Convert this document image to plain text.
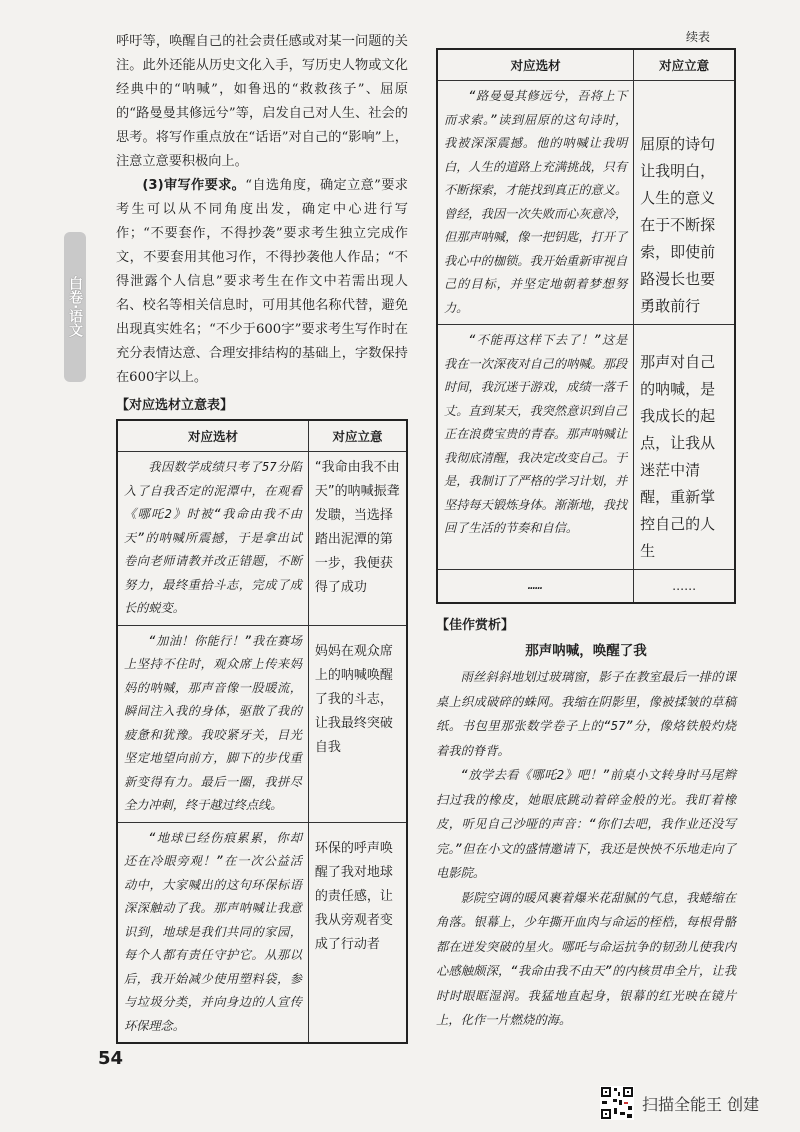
白卷·语文

呼吁等，唤醒自己的社会责任感或对某一问题的关注。此外还能从历史文化入手，写历史人物或文化经典中的“呐喊”，如鲁迅的“救救孩子”、屈原的“路曼曼其修远兮”等，启发自己对人生、社会的思考。将写作重点放在“话语”对自己的“影响”上，注意立意要积极向上。

(3)审写作要求。“自选角度，确定立意”要求考生可以从不同角度出发，确定中心进行写作；“不要套作，不得抄袭”要求考生独立完成作文，不要套用其他习作，不得抄袭他人作品；“不得泄露个人信息”要求考生在作文中若需出现人名、校名等相关信息时，可用其他名称代替，避免出现真实姓名；“不少于600字”要求考生写作时在充分表情达意、合理安排结构的基础上，字数保持在600字以上。

【对应选材立意表】
对应选材	对应立意

我因数学成绩只考了57分陷入了自我否定的泥潭中，在观看《哪吒2》时被“我命由我不由天”的呐喊所震撼，于是拿出试卷向老师请教并改正错题，不断努力，最终重拾斗志，完成了成长的蜕变。	“我命由我不由天”的呐喊振聋发聩，当选择踏出泥潭的第一步，我便获得了成功

“加油！你能行！”我在赛场上坚持不住时，观众席上传来妈妈的呐喊，那声音像一股暖流，瞬间注入我的身体，驱散了我的疲惫和犹豫。我咬紧牙关，目光坚定地望向前方，脚下的步伐重新变得有力。最后一圈，我拼尽全力冲刺，终于越过终点线。	妈妈在观众席上的呐喊唤醒了我的斗志，让我最终突破自我

“地球已经伤痕累累，你却还在冷眼旁观！”在一次公益活动中，大家喊出的这句环保标语深深触动了我。那声呐喊让我意识到，地球是我们共同的家园，每个人都有责任守护它。从那以后，我开始减少使用塑料袋，参与垃圾分类，并向身边的人宣传环保理念。	环保的呼声唤醒了我对地球的责任感，让我从旁观者变成了行动者
续表
对应选材	对应立意

“路曼曼其修远兮，吾将上下而求索。”读到屈原的这句诗时，我被深深震撼。他的呐喊让我明白，人生的道路上充满挑战，只有不断探索，才能找到真正的意义。曾经，我因一次失败而心灰意冷，但那声呐喊，像一把钥匙，打开了我心中的枷锁。我开始重新审视自己的目标，并坚定地朝着梦想努力。	屈原的诗句让我明白，人生的意义在于不断探索，即使前路漫长也要勇敢前行

“不能再这样下去了！”这是我在一次深夜对自己的呐喊。那段时间，我沉迷于游戏，成绩一落千丈。直到某天，我突然意识到自己正在浪费宝贵的青春。那声呐喊让我彻底清醒，我决定改变自己。于是，我制订了严格的学习计划，并坚持每天锻炼身体。渐渐地，我找回了生活的节奏和自信。	那声对自己的呐喊，是我成长的起点，让我从迷茫中清醒，重新掌控自己的人生
……	……
【佳作赏析】
那声呐喊，唤醒了我

雨丝斜斜地划过玻璃窗，影子在教室最后一排的课桌上织成破碎的蛛网。我缩在阴影里，像被揉皱的草稿纸。书包里那张数学卷子上的“57”分，像烙铁般灼烧着我的脊背。

“放学去看《哪吒2》吧！”前桌小文转身时马尾辫扫过我的橡皮，她眼底跳动着碎金般的光。我盯着橡皮，听见自己沙哑的声音：“你们去吧，我作业还没写完。”但在小文的盛情邀请下，我还是怏怏不乐地走向了电影院。

影院空调的暖风裹着爆米花甜腻的气息，我蜷缩在角落。银幕上，少年撕开血肉与命运的桎梏，每根骨骼都在迸发突破的星火。哪吒与命运抗争的韧劲儿使我内心感触颇深，“我命由我不由天”的内核贯串全片，让我时时眼眶湿润。我猛地直起身，银幕的红光映在镜片上，化作一片燃烧的海。

54
扫描全能王 创建
